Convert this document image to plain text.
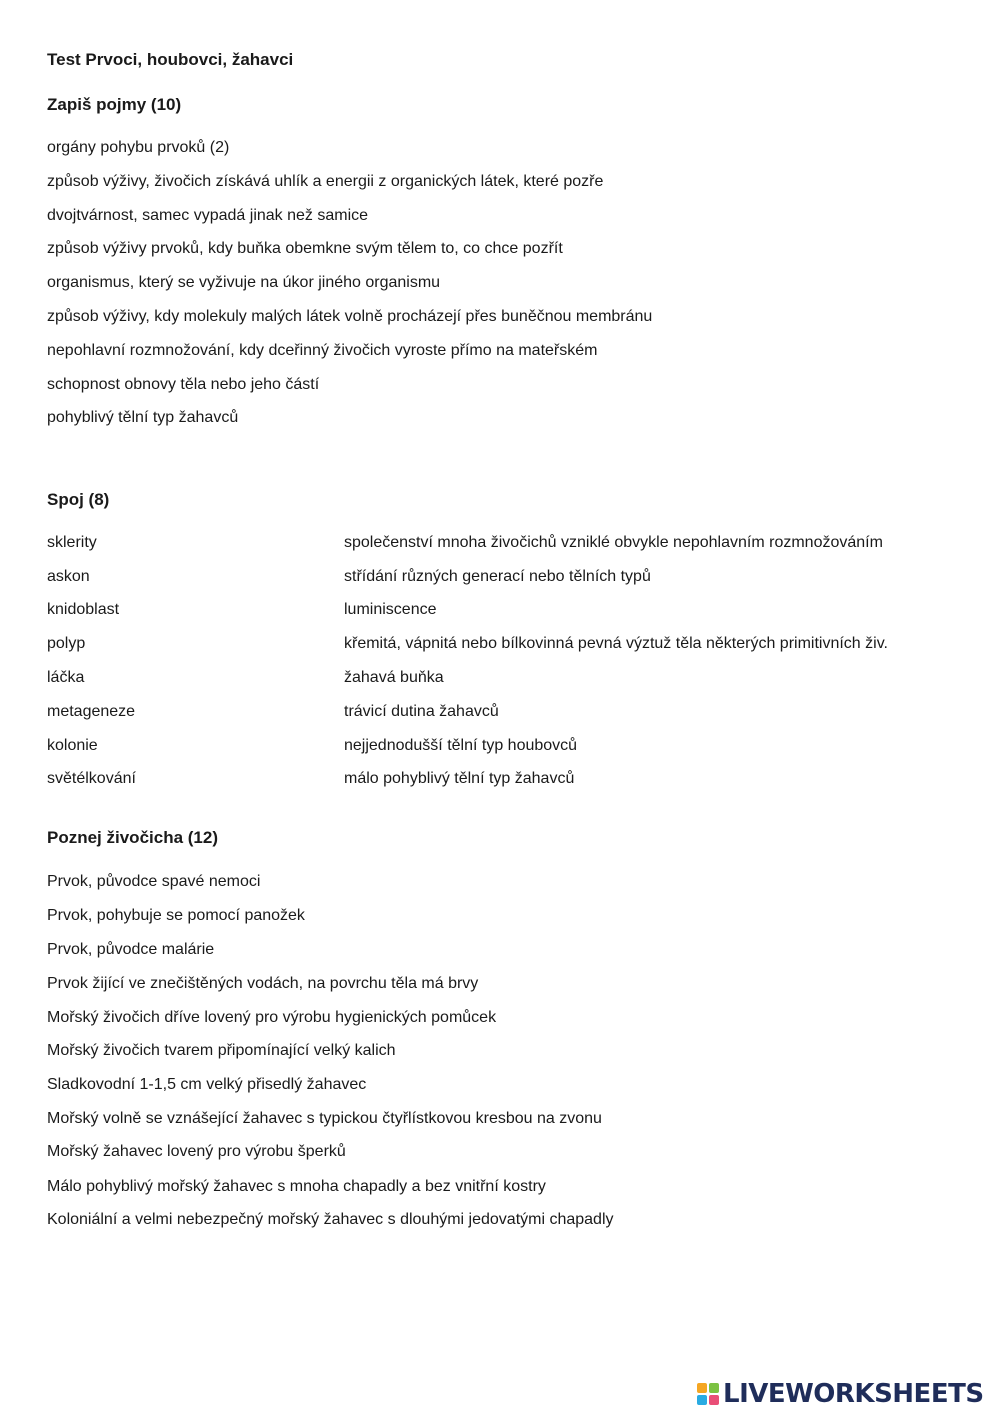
Test Prvoci, houbovci, žahavci
Zapiš pojmy (10)
orgány pohybu prvoků (2)
způsob výživy, živočich získává uhlík a energii z organických látek, které pozře
dvojtvárnost, samec vypadá jinak než samice
způsob výživy prvoků, kdy buňka obemkne svým tělem to, co chce pozřít
organismus, který se vyživuje na úkor jiného organismu
způsob výživy, kdy molekuly malých látek volně procházejí přes buněčnou membránu
nepohlavní rozmnožování, kdy dceřinný živočich vyroste přímo na mateřském
schopnost obnovy těla nebo jeho částí
pohyblivý tělní typ žahavců
Spoj (8)
sklerity
askon
knidoblast
polyp
láčka
metageneze
kolonie
světélkování
společenství mnoha živočichů vzniklé obvykle nepohlavním rozmnožováním
střídání různých generací nebo tělních typů
luminiscence
křemitá, vápnitá nebo bílkovinná pevná výztuž těla některých primitivních živ.
žahavá buňka
trávicí dutina žahavců
nejjednodušší tělní typ houbovců
málo pohyblivý tělní typ žahavců
Poznej živočicha (12)
Prvok, původce spavé nemoci
Prvok, pohybuje se pomocí panožek
Prvok, původce malárie
Prvok žijící ve znečištěných vodách, na povrchu těla má brvy
Mořský živočich dříve lovený pro výrobu hygienických pomůcek
Mořský živočich tvarem připomínající velký kalich
Sladkovodní 1-1,5 cm velký přisedlý žahavec
Mořský volně se vznášející žahavec s typickou čtyřlístkovou kresbou na zvonu
Mořský žahavec lovený pro výrobu šperků
Málo pohyblivý mořský žahavec s mnoha chapadly a bez vnitřní kostry
Koloniální a velmi nebezpečný mořský žahavec s dlouhými jedovatými chapadly
LIVEWORKSHEETS
